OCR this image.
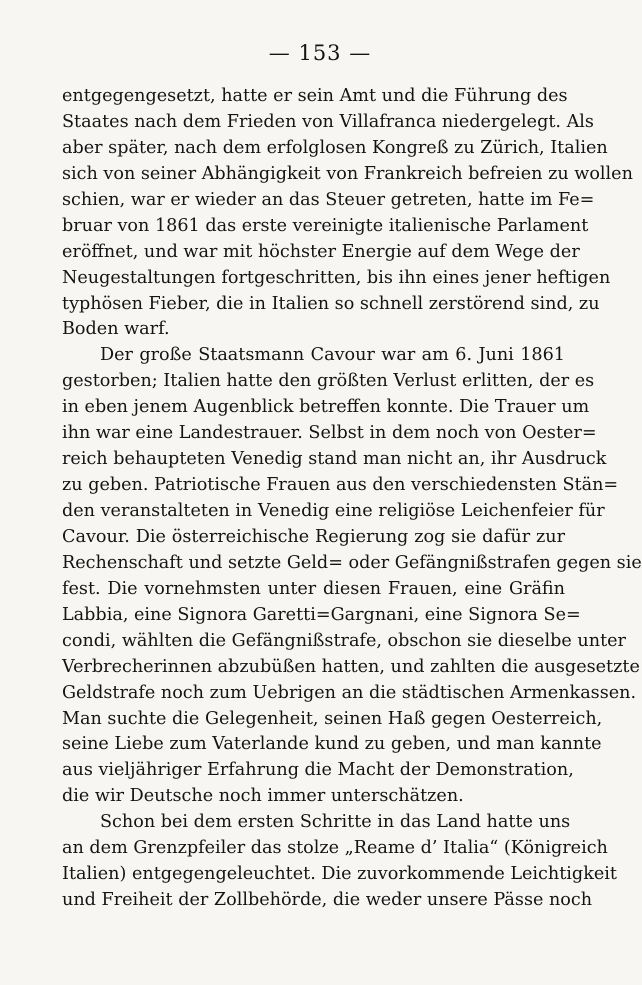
— 153 —
entgegengesetzt, hatte er sein Amt und die Führung des
Staates nach dem Frieden von Villafranca niedergelegt. Als
aber später, nach dem erfolglosen Kongreß zu Zürich, Italien
sich von seiner Abhängigkeit von Frankreich befreien zu wollen
schien, war er wieder an das Steuer getreten, hatte im Fe=
bruar von 1861 das erste vereinigte italienische Parlament
eröffnet, und war mit höchster Energie auf dem Wege der
Neugestaltungen fortgeschritten, bis ihn eines jener heftigen
typhösen Fieber, die in Italien so schnell zerstörend sind, zu
Boden warf.
Der große Staatsmann Cavour war am 6. Juni 1861
gestorben; Italien hatte den größten Verlust erlitten, der es
in eben jenem Augenblick betreffen konnte. Die Trauer um
ihn war eine Landestrauer. Selbst in dem noch von Oester=
reich behaupteten Venedig stand man nicht an, ihr Ausdruck
zu geben. Patriotische Frauen aus den verschiedensten Stän=
den veranstalteten in Venedig eine religiöse Leichenfeier für
Cavour. Die österreichische Regierung zog sie dafür zur
Rechenschaft und setzte Geld= oder Gefängnißstrafen gegen sie
fest. Die vornehmsten unter diesen Frauen, eine Gräfin
Labbia, eine Signora Garetti=Gargnani, eine Signora Se=
condi, wählten die Gefängnißstrafe, obschon sie dieselbe unter
Verbrecherinnen abzubüßen hatten, und zahlten die ausgesetzte
Geldstrafe noch zum Uebrigen an die städtischen Armenkassen.
Man suchte die Gelegenheit, seinen Haß gegen Oesterreich,
seine Liebe zum Vaterlande kund zu geben, und man kannte
aus vieljähriger Erfahrung die Macht der Demonstration,
die wir Deutsche noch immer unterschätzen.
Schon bei dem ersten Schritte in das Land hatte uns
an dem Grenzpfeiler das stolze „Reame d’ Italia“ (Königreich
Italien) entgegengeleuchtet. Die zuvorkommende Leichtigkeit
und Freiheit der Zollbehörde, die weder unsere Pässe noch
